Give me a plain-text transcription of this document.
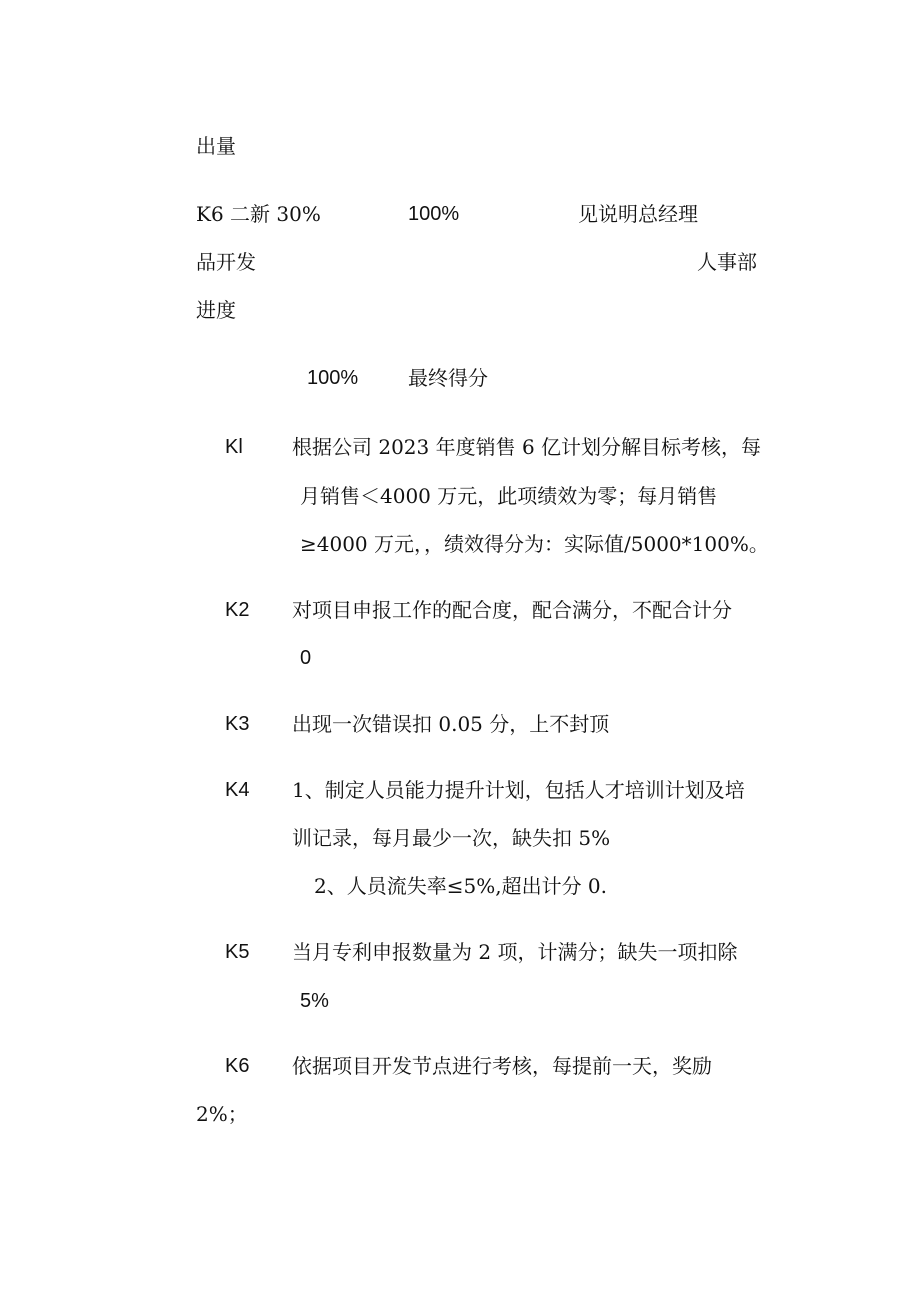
出量
K6 二新 30%	100%	见说明总经理
品开发	人事部
进度
100% 最终得分
Kl 根据公司 2023 年度销售 6 亿计划分解目标考核，每
月销售＜4000 万元，此项绩效为零；每月销售
≥4000 万元，，绩效得分为：实际值/5000*100%。
K2 对项目申报工作的配合度，配合满分，不配合计分
0
K3 出现一次错误扣 0.05 分，上不封顶
K4 1、制定人员能力提升计划，包括人才培训计划及培
训记录，每月最少一次，缺失扣 5%
2、人员流失率≤5%,超出计分 0.
K5 当月专利申报数量为 2 项，计满分；缺失一项扣除
5%
K6 依据项目开发节点进行考核，每提前一天，奖励
2%；
